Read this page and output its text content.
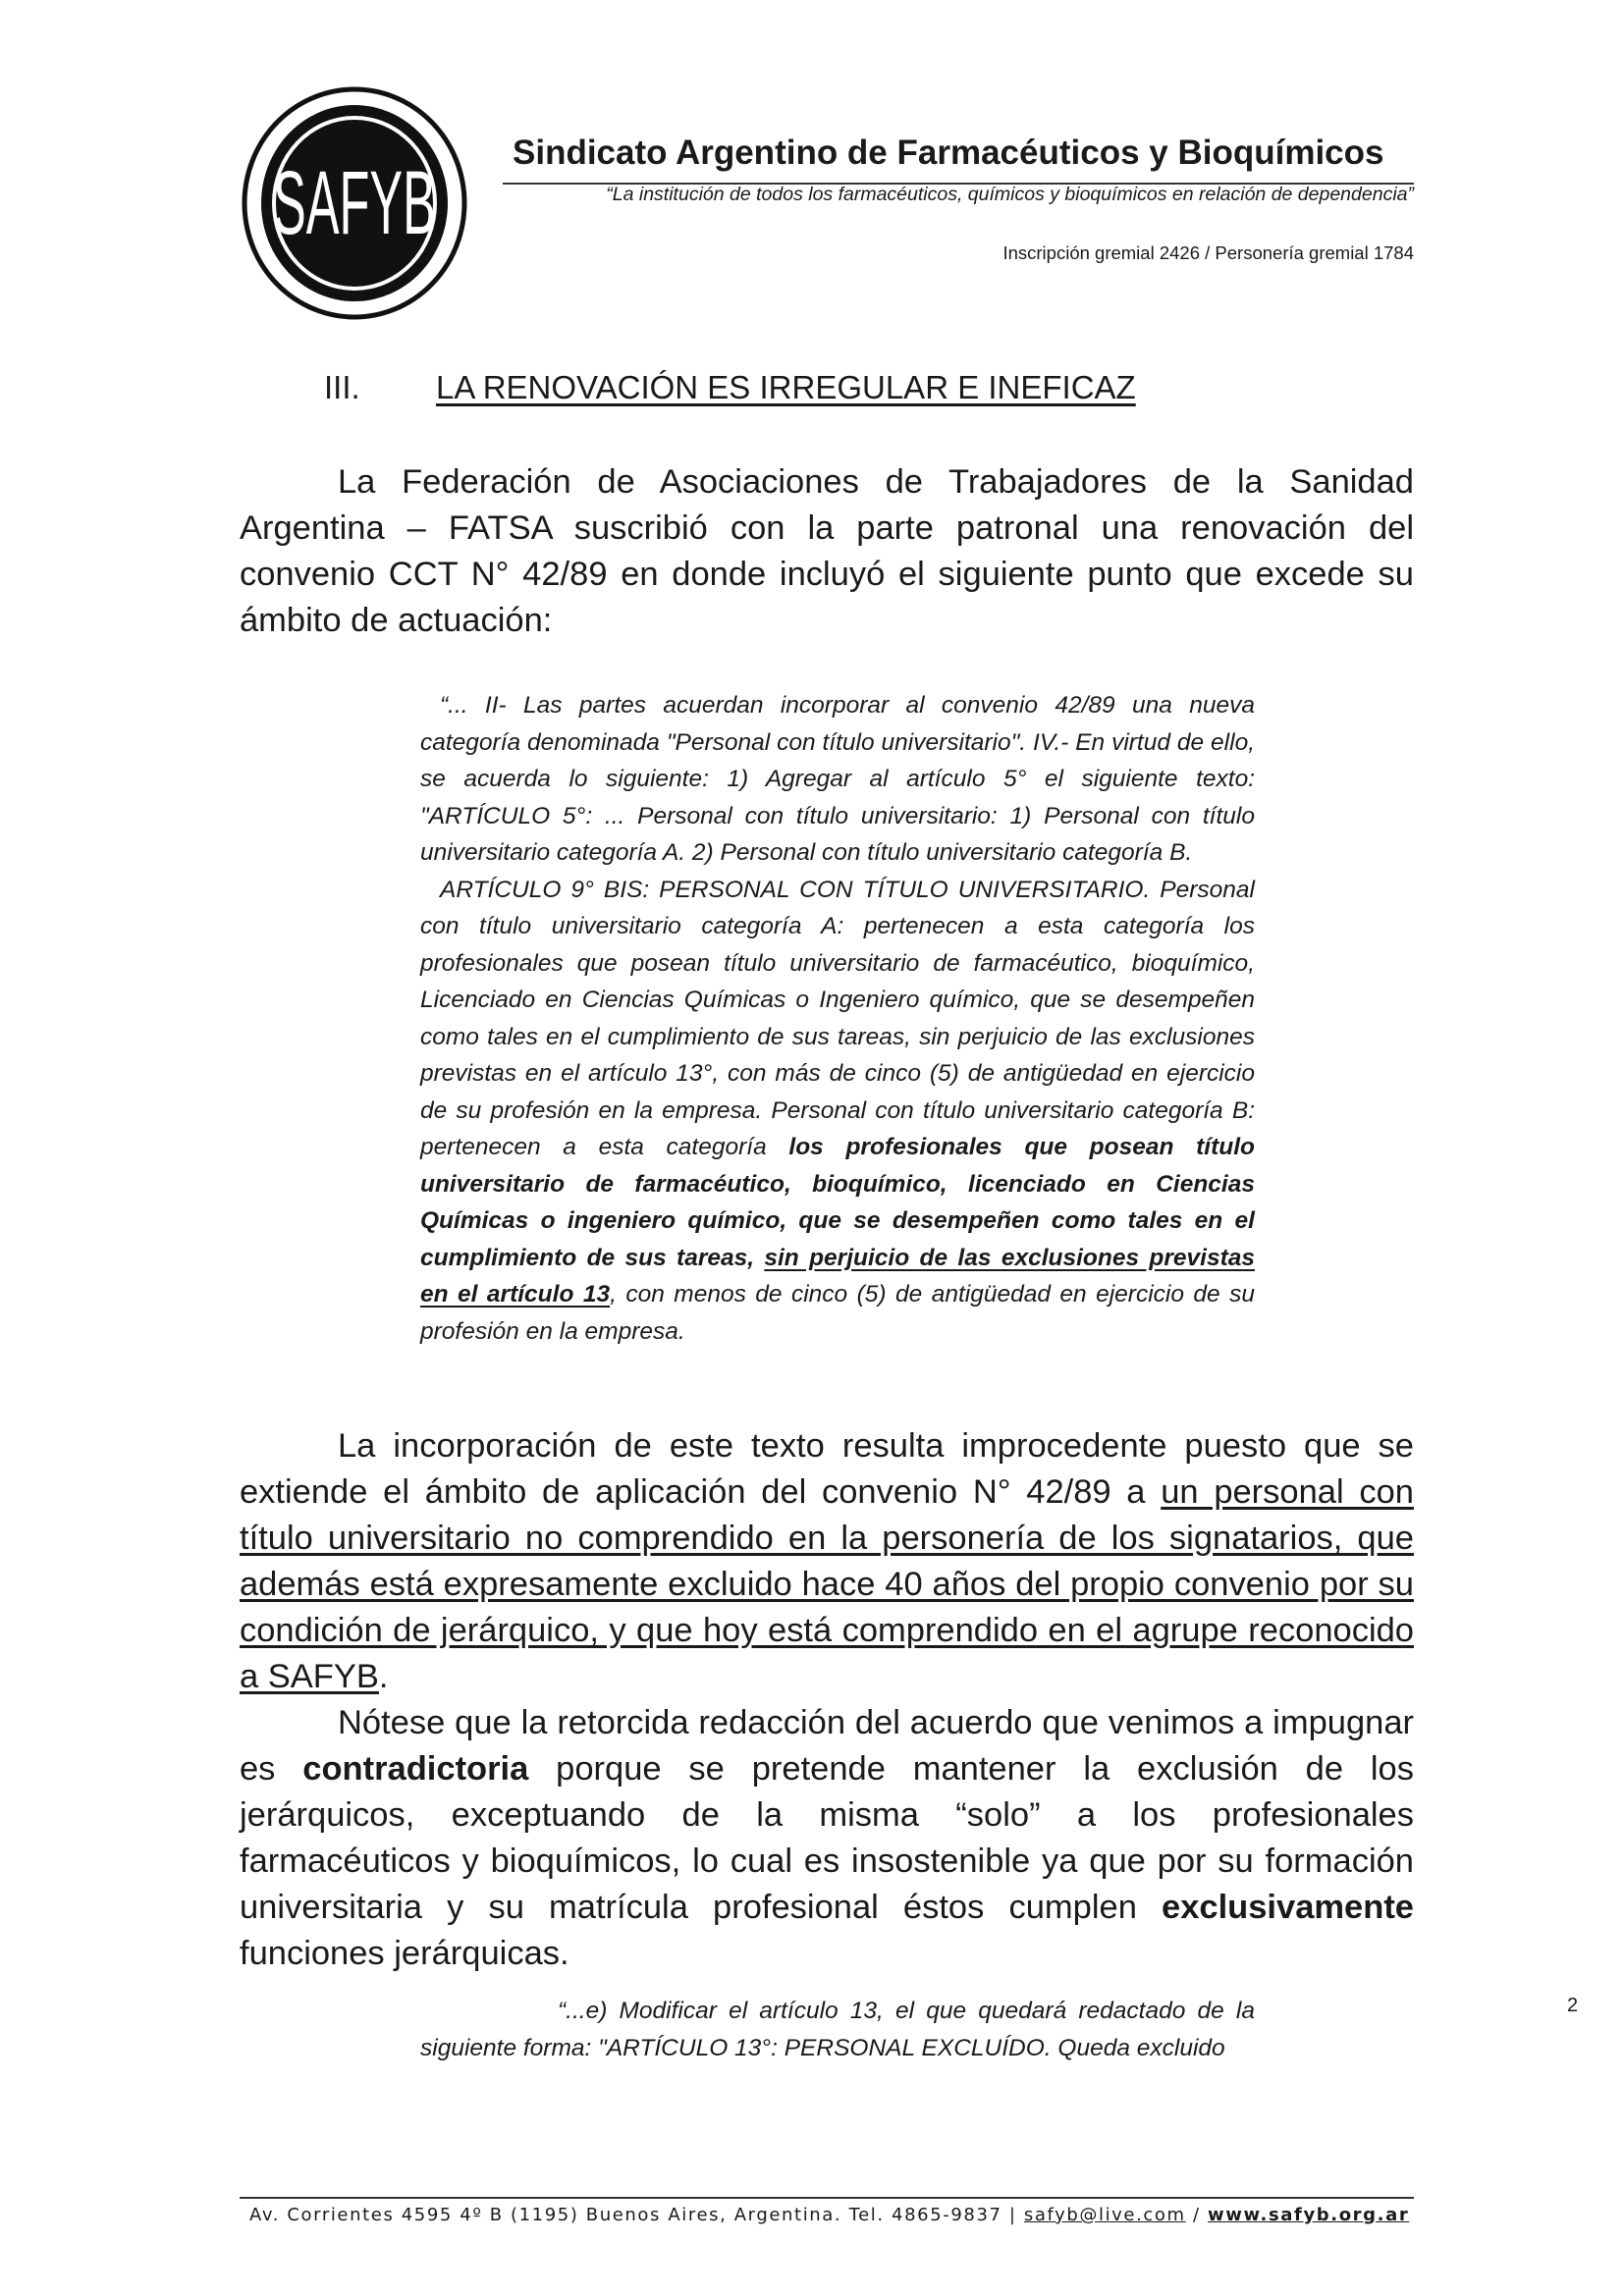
SAFYB Sindicato Argentino de Farmacéuticos y Bioquímicos
“La institución de todos los farmacéuticos, químicos y bioquímicos en relación de dependencia”
Inscripción gremial 2426 / Personería gremial 1784
III. LA RENOVACIÓN ES IRREGULAR E INEFICAZ

La Federación de Asociaciones de Trabajadores de la Sanidad Argentina – FATSA suscribió con la parte patronal una renovación del convenio CCT N° 42/89 en donde incluyó el siguiente punto que excede su ámbito de actuación:

“... II- Las partes acuerdan incorporar al convenio 42/89 una nueva categoría denominada "Personal con título universitario". IV.- En virtud de ello, se acuerda lo siguiente: 1) Agregar al artículo 5° el siguiente texto: "ARTÍCULO 5°: ... Personal con título universitario: 1) Personal con título universitario categoría A. 2) Personal con título universitario categoría B.

ARTÍCULO 9° BIS: PERSONAL CON TÍTULO UNIVERSITARIO. Personal con título universitario categoría A: pertenecen a esta categoría los profesionales que posean título universitario de farmacéutico, bioquímico, Licenciado en Ciencias Químicas o Ingeniero químico, que se desempeñen como tales en el cumplimiento de sus tareas, sin perjuicio de las exclusiones previstas en el artículo 13°, con más de cinco (5) de antigüedad en ejercicio de su profesión en la empresa. Personal con título universitario categoría B: pertenecen a esta categoría los profesionales que posean título universitario de farmacéutico, bioquímico, licenciado en Ciencias Químicas o ingeniero químico, que se desempeñen como tales en el cumplimiento de sus tareas, sin perjuicio de las exclusiones previstas en el artículo 13, con menos de cinco (5) de antigüedad en ejercicio de su profesión en la empresa.

La incorporación de este texto resulta improcedente puesto que se extiende el ámbito de aplicación del convenio N° 42/89 a un personal con título universitario no comprendido en la personería de los signatarios, que además está expresamente excluido hace 40 años del propio convenio por su condición de jerárquico, y que hoy está comprendido en el agrupe reconocido a SAFYB.

Nótese que la retorcida redacción del acuerdo que venimos a impugnar es contradictoria porque se pretende mantener la exclusión de los jerárquicos, exceptuando de la misma “solo” a los profesionales farmacéuticos y bioquímicos, lo cual es insostenible ya que por su formación universitaria y su matrícula profesional éstos cumplen exclusivamente funciones jerárquicas.

2
“...e) Modificar el artículo 13, el que quedará redactado de la siguiente forma: "ARTÍCULO 13°: PERSONAL EXCLUÍDO. Queda excluido
Av. Corrientes 4595 4º B (1195) Buenos Aires, Argentina. Tel. 4865-9837 | safyb@live.com / www.safyb.org.ar
